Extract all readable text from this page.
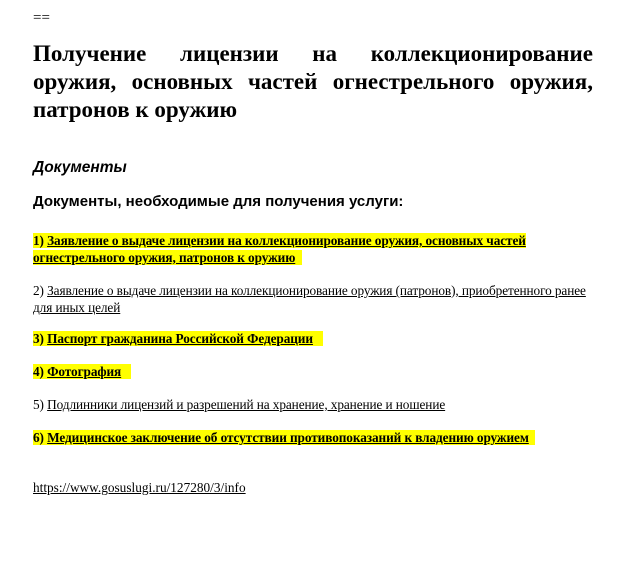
==
Получение лицензии на коллекционирование оружия, основных частей огнестрельного оружия, патронов к оружию
Документы

Документы, необходимые для получения услуги:

1) Заявление о выдаче лицензии на коллекционирование оружия, основных частей огнестрельного оружия, патронов к оружию

2) Заявление о выдаче лицензии на коллекционирование оружия (патронов), приобретенного ранее для иных целей

3) Паспорт гражданина Российской Федерации

4) Фотография

5) Подлинники лицензий и разрешений на хранение, хранение и ношение

6) Медицинское заключение об отсутствии противопоказаний к владению оружием

https://www.gosuslugi.ru/127280/3/info
